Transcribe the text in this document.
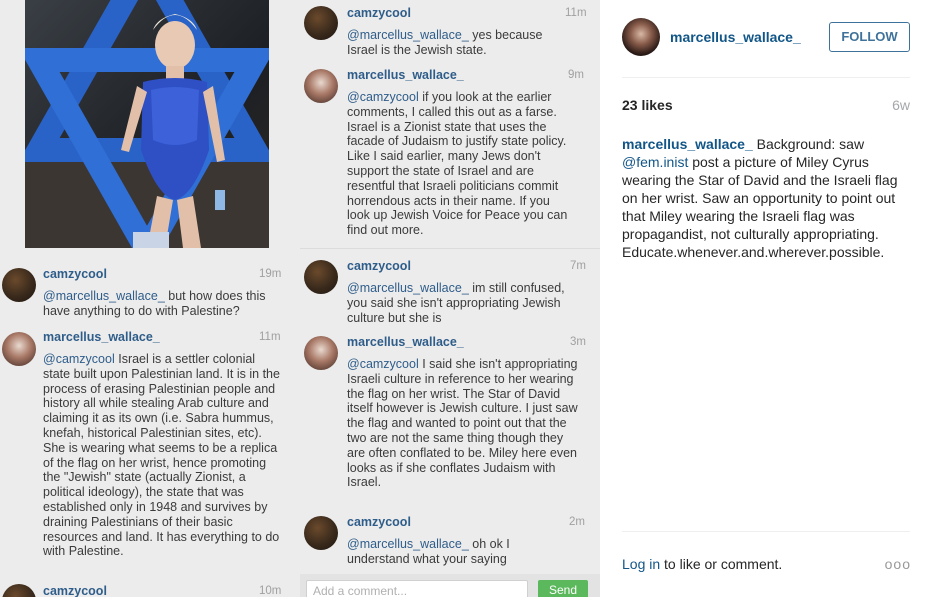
camzycool	19m
@marcellus_wallace_ but how does this have anything to do with Palestine?
marcellus_wallace_	11m
@camzycool Israel is a settler colonial state built upon Palestinian land. It is in the process of erasing Palestinian people and history all while stealing Arab culture and claiming it as its own (i.e. Sabra hummus, knefah, historical Palestinian sites, etc). She is wearing what seems to be a replica of the flag on her wrist, hence promoting the "Jewish" state (actually Zionist, a political ideology), the state that was established only in 1948 and survives by draining Palestinians of their basic resources and land. It has everything to do with Palestine.
camzycool	10m
camzycool	11m
@marcellus_wallace_ yes because Israel is the Jewish state.
marcellus_wallace_	9m
@camzycool if you look at the earlier comments, I called this out as a farse. Israel is a Zionist state that uses the facade of Judaism to justify state policy. Like I said earlier, many Jews don't support the state of Israel and are resentful that Israeli politicians commit horrendous acts in their name. If you look up Jewish Voice for Peace you can find out more.
camzycool	7m
@marcellus_wallace_ im still confused, you said she isn't appropriating Jewish culture but she is
marcellus_wallace_	3m
@camzycool I said she isn't appropriating Israeli culture in reference to her wearing the flag on her wrist. The Star of David itself however is Jewish culture. I just saw the flag and wanted to point out that the two are not the same thing though they are often conflated to be. Miley here even looks as if she conflates Judaism with Israel.
camzycool	2m
@marcellus_wallace_ oh ok I understand what your saying
Add a comment...	Send
marcellus_wallace_	FOLLOW
23 likes	6w
marcellus_wallace_ Background: saw @fem.inist post a picture of Miley Cyrus wearing the Star of David and the Israeli flag on her wrist. Saw an opportunity to point out that Miley wearing the Israeli flag was propagandist, not culturally appropriating. Educate.whenever.and.wherever.possible.
Log in to like or comment.	ooo
